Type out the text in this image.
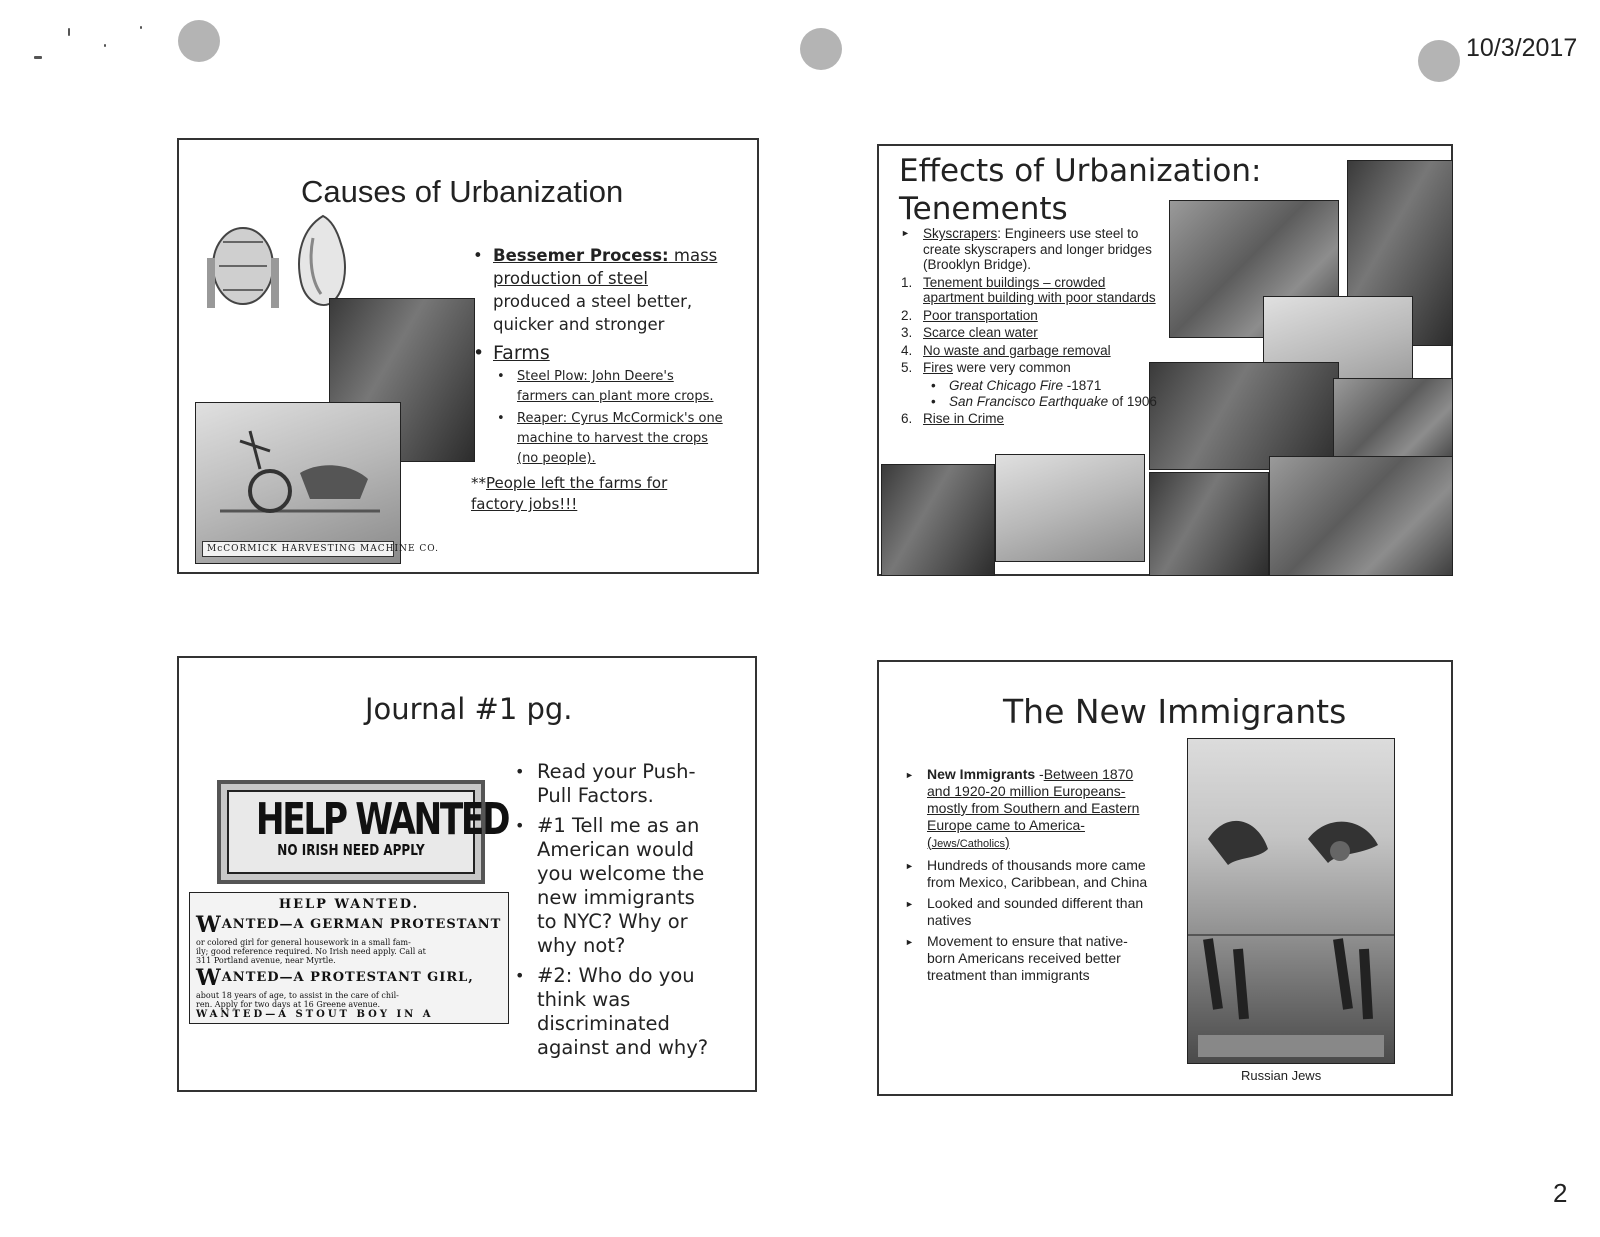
10/3/2017
2
Causes of Urbanization
McCORMICK HARVESTING MACHINE CO.
• Bessemer Process: mass production of steel produced a steel better, quicker and stronger
• Farms
• Steel Plow: John Deere's farmers can plant more crops.
• Reaper: Cyrus McCormick's one machine to harvest the crops (no people).
**People left the farms for factory jobs!!!
Effects of Urbanization:
Tenements
► Skyscrapers: Engineers use steel to create skyscrapers and longer bridges (Brooklyn Bridge).
1. Tenement buildings – crowded apartment building with poor standards
2. Poor transportation
3. Scarce clean water
4. No waste and garbage removal
5. Fires were very common
• Great Chicago Fire -1871
• San Francisco Earthquake of 1906
6. Rise in Crime
Journal #1 pg.
HELP WANTED
NO IRISH NEED APPLY
HELP WANTED.
WANTED—A GERMAN PROTESTANT
or colored girl for general housework in a small fam-
ily; good reference required. No Irish need apply. Call at
311 Portland avenue, near Myrtle.
WANTED—A PROTESTANT GIRL,
about 18 years of age, to assist in the care of chil-
ren. Apply for two days at 16 Greene avenue.
WANTED—A STOUT BOY IN A
• Read your Push-Pull Factors.
• #1 Tell me as an American would you welcome the new immigrants to NYC? Why or why not?
• #2: Who do you think was discriminated against and why?
The New Immigrants
► New Immigrants -Between 1870 and 1920-20 million Europeans-mostly from Southern and Eastern Europe came to America- (Jews/Catholics)
► Hundreds of thousands more came from Mexico, Caribbean, and China
► Looked and sounded different than natives
► Movement to ensure that native-born Americans received better treatment than immigrants
Russian Jews
